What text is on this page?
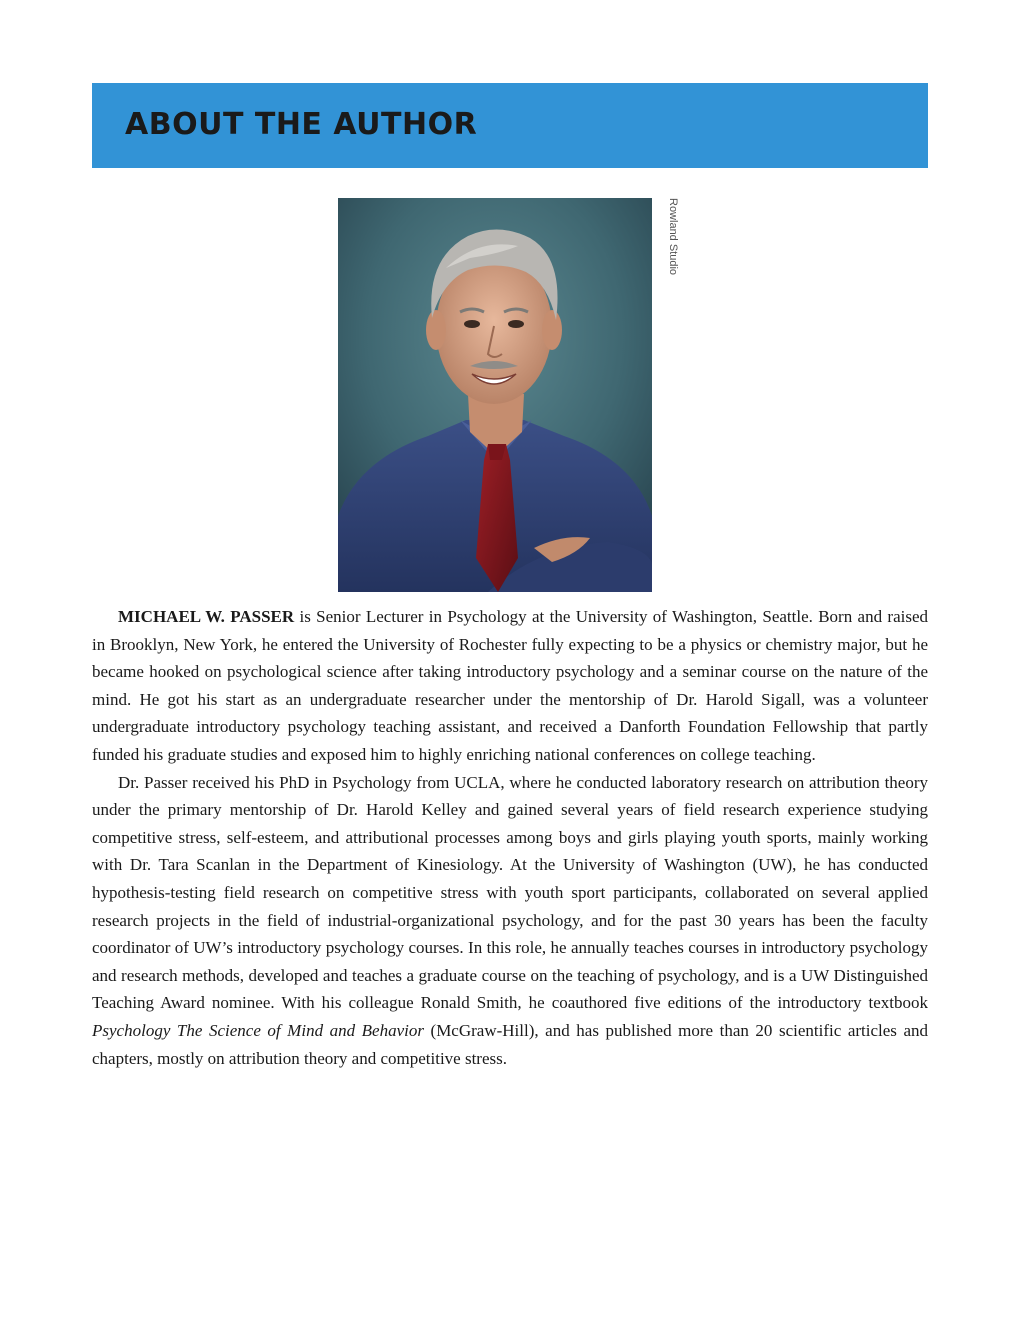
ABOUT THE AUTHOR
Rowland Studio

MICHAEL W. PASSER is Senior Lecturer in Psychology at the University of Washington, Seattle. Born and raised in Brooklyn, New York, he entered the University of Rochester fully expecting to be a physics or chemistry major, but he became hooked on psychological science after taking introductory psychology and a seminar course on the nature of the mind. He got his start as an undergraduate researcher under the mentorship of Dr. Harold Sigall, was a volunteer undergraduate introductory psychology teaching assistant, and received a Danforth Foundation Fellowship that partly funded his graduate studies and exposed him to highly enriching national conferences on college teaching.

Dr. Passer received his PhD in Psychology from UCLA, where he conducted laboratory research on attribution theory under the primary mentorship of Dr. Harold Kelley and gained several years of field research experience studying competitive stress, self-esteem, and attributional processes among boys and girls playing youth sports, mainly working with Dr. Tara Scanlan in the Department of Kinesiology. At the University of Washington (UW), he has conducted hypothesis-testing field research on competitive stress with youth sport participants, collaborated on several applied research projects in the field of industrial-organizational psychology, and for the past 30 years has been the faculty coordinator of UW’s introductory psychology courses. In this role, he annually teaches courses in introductory psychology and research methods, developed and teaches a graduate course on the teaching of psychology, and is a UW Distinguished Teaching Award nominee. With his colleague Ronald Smith, he coauthored five editions of the introductory textbook Psychology The Science of Mind and Behavior (McGraw-Hill), and has published more than 20 scientific articles and chapters, mostly on attribution theory and competitive stress.
